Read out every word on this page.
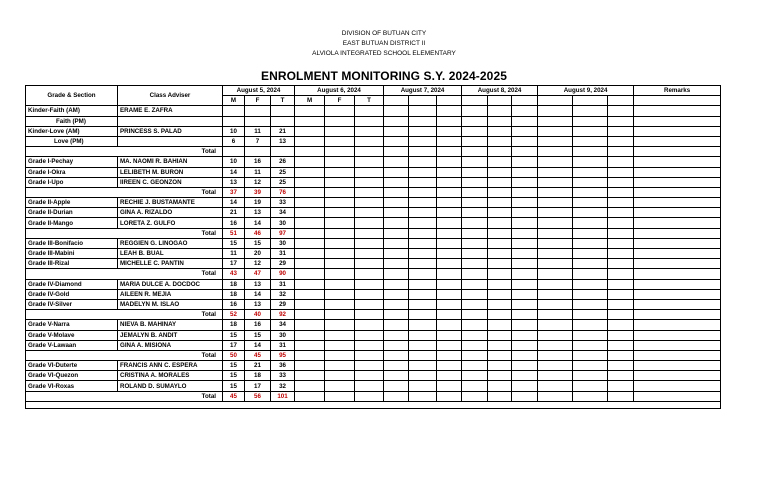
DIVISION OF BUTUAN CITY
EAST BUTUAN DISTRICT II
ALVIOLA INTEGRATED SCHOOL ELEMENTARY
ENROLMENT MONITORING S.Y. 2024-2025
Grade & Section	Class Adviser	August 5, 2024			August 6, 2024			August 7, 2024			August 8, 2024			August 9, 2024			Remarks
		M	F	T	M	F	T										
Kinder-Faith (AM)	ERAME E. ZAFRA																
Faith (PM)																	
Kinder-Love (AM)	PRINCESS S. PALAD	10	11	21													
Love (PM)		6	7	13													
Total																	
Grade I-Pechay	MA. NAOMI R. BAHIAN	10	16	26													
Grade I-Okra	LELIBETH M. BURON	14	11	25													
Grade I-Upo	IIREEN C. GEONZON	13	12	25													
Total		37	39	76													
Grade II-Apple	RECHIE J. BUSTAMANTE	14	19	33													
Grade II-Durian	GINA A. RIZALDO	21	13	34													
Grade II-Mango	LORETA Z. GULFO	16	14	30													
Total		51	46	97													
Grade III-Bonifacio	REGGIEN G. LINOGAO	15	15	30													
Grade III-Mabini	LEAH B. BUAL	11	20	31													
Grade III-Rizal	MICHELLE C. PANTIN	17	12	29													
Total		43	47	90													
Grade IV-Diamond	MARIA DULCE A. DOCDOC	18	13	31													
Grade IV-Gold	AILEEN R. MEJIA	18	14	32													
Grade IV-Silver	MADELYN M. ISLAO	16	13	29													
Total		52	40	92													
Grade V-Narra	NIEVA B. MAHINAY	18	16	34													
Grade V-Molave	JEMALYN B. ANDIT	15	15	30													
Grade V-Lawaan	GINA A. MISIONA	17	14	31													
Total		50	45	95													
Grade VI-Duterte	FRANCIS ANN C. ESPERA	15	21	36													
Grade VI-Quezon	CRISTINA A. MORALES	15	18	33													
Grade VI-Roxas	ROLAND D. SUMAYLO	15	17	32													
Total		45	56	101													
